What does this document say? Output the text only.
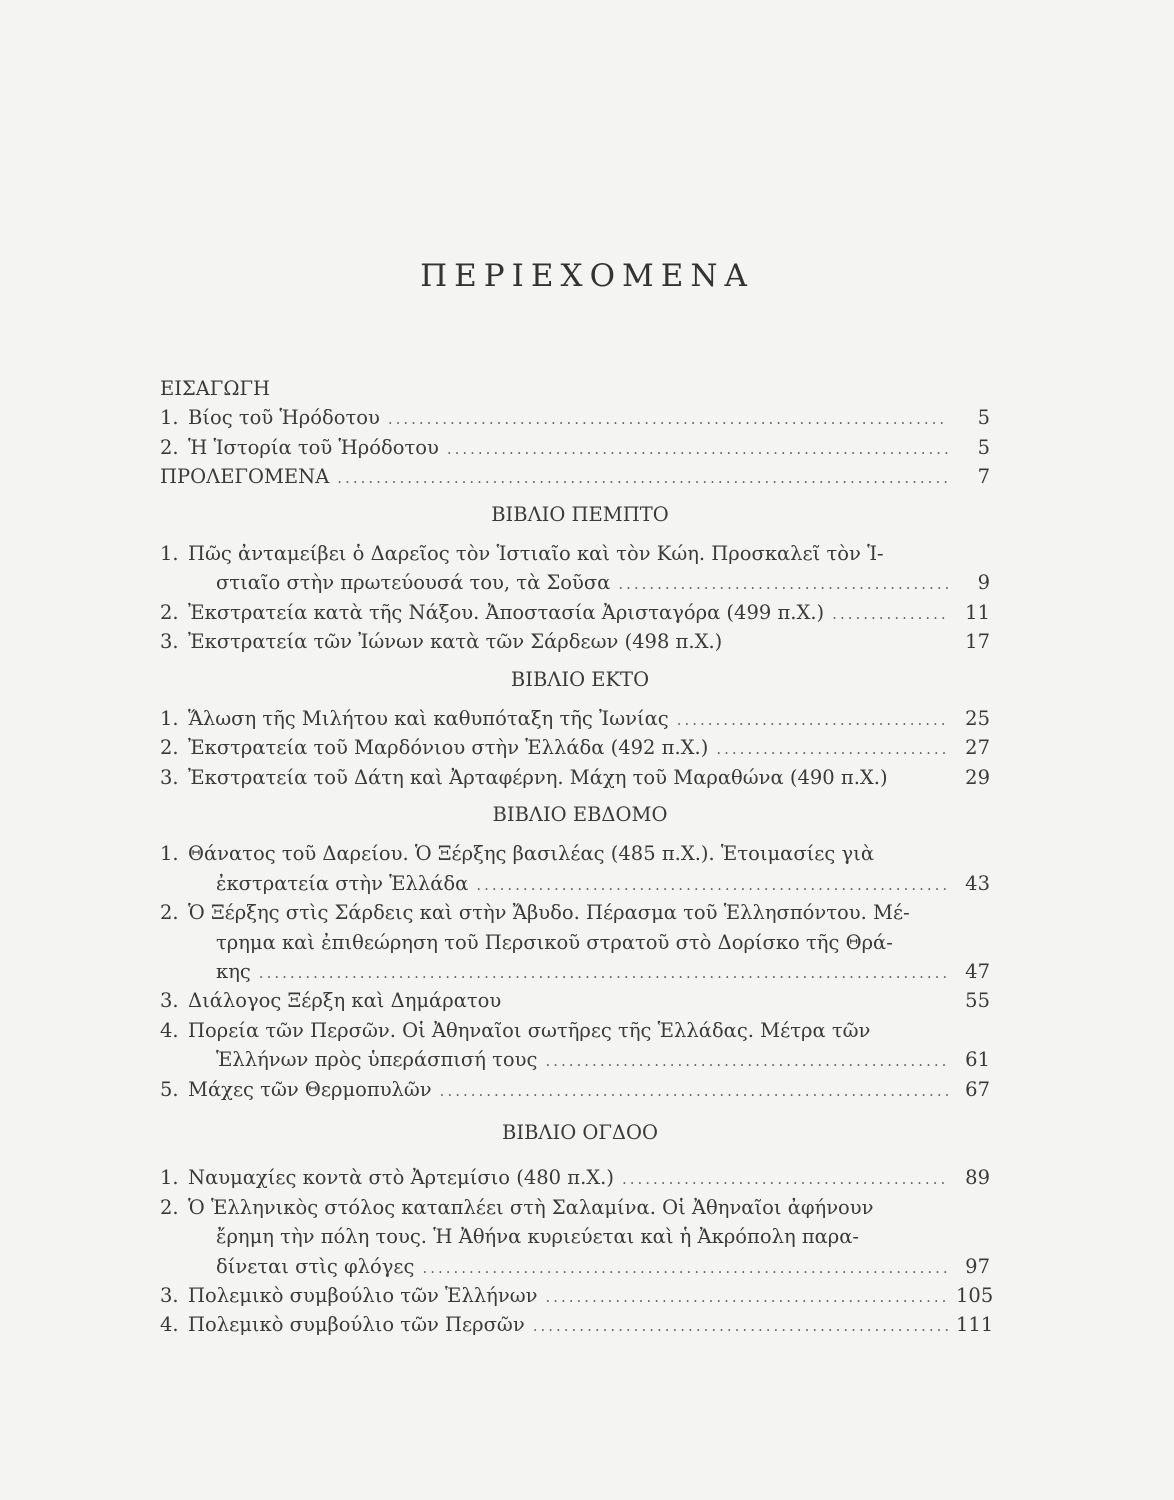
ΠΕΡΙΕΧΟΜΕΝΑ
ΕΙΣΑΓΩΓΗ
1. Βίος τοῦ Ἡρόδοτου .....	5
2. Ἡ Ἱστορία τοῦ Ἡρόδοτου .....	5
ΠΡΟΛΕΓΟΜΕΝΑ .....	7
ΒΙΒΛΙΟ ΠΕΜΠΤΟ
1. Πῶς ἀνταμείβει ὁ Δαρεῖος τὸν Ἱστιαῖο καὶ τὸν Κώη. Προσκαλεῖ τὸν Ἱ-
στιαῖο στὴν πρωτεύουσά του, τὰ Σοῦσα .....	9
2. Ἐκστρατεία κατὰ τῆς Νάξου. Ἀποστασία Ἀρισταγόρα (499 π.Χ.) .....	11
3. Ἐκστρατεία τῶν Ἰώνων κατὰ τῶν Σάρδεων (498 π.Χ.)	17
ΒΙΒΛΙΟ ΕΚΤΟ
1. Ἅλωση τῆς Μιλήτου καὶ καθυπόταξη τῆς Ἰωνίας .....	25
2. Ἐκστρατεία τοῦ Μαρδόνιου στὴν Ἑλλάδα (492 π.Χ.) .....	27
3. Ἐκστρατεία τοῦ Δάτη καὶ Ἀρταφέρνη. Μάχη τοῦ Μαραθώνα (490 π.Χ.)	29
ΒΙΒΛΙΟ ΕΒΔΟΜΟ
1. Θάνατος τοῦ Δαρείου. Ὁ Ξέρξης βασιλέας (485 π.Χ.). Ἑτοιμασίες γιὰ
ἐκστρατεία στὴν Ἑλλάδα .....	43
2. Ὁ Ξέρξης στὶς Σάρδεις καὶ στὴν Ἄβυδο. Πέρασμα τοῦ Ἑλλησπόντου. Μέ-
τρημα καὶ ἐπιθεώρηση τοῦ Περσικοῦ στρατοῦ στὸ Δορίσκο τῆς Θρά-
κης .....	47
3. Διάλογος Ξέρξη καὶ Δημάρατου	55
4. Πορεία τῶν Περσῶν. Οἱ Ἀθηναῖοι σωτῆρες τῆς Ἑλλάδας. Μέτρα τῶν
Ἑλλήνων πρὸς ὑπεράσπισή τους .....	61
5. Μάχες τῶν Θερμοπυλῶν .....	67
ΒΙΒΛΙΟ ΟΓΔΟΟ
1. Ναυμαχίες κοντὰ στὸ Ἀρτεμίσιο (480 π.Χ.) .....	89
2. Ὁ Ἑλληνικὸς στόλος καταπλέει στὴ Σαλαμίνα. Οἱ Ἀθηναῖοι ἀφήνουν
ἔρημη τὴν πόλη τους. Ἡ Ἀθήνα κυριεύεται καὶ ἡ Ἀκρόπολη παρα-
δίνεται στὶς φλόγες .....	97
3. Πολεμικὸ συμβούλιο τῶν Ἑλλήνων .....	105
4. Πολεμικὸ συμβούλιο τῶν Περσῶν .....	111
